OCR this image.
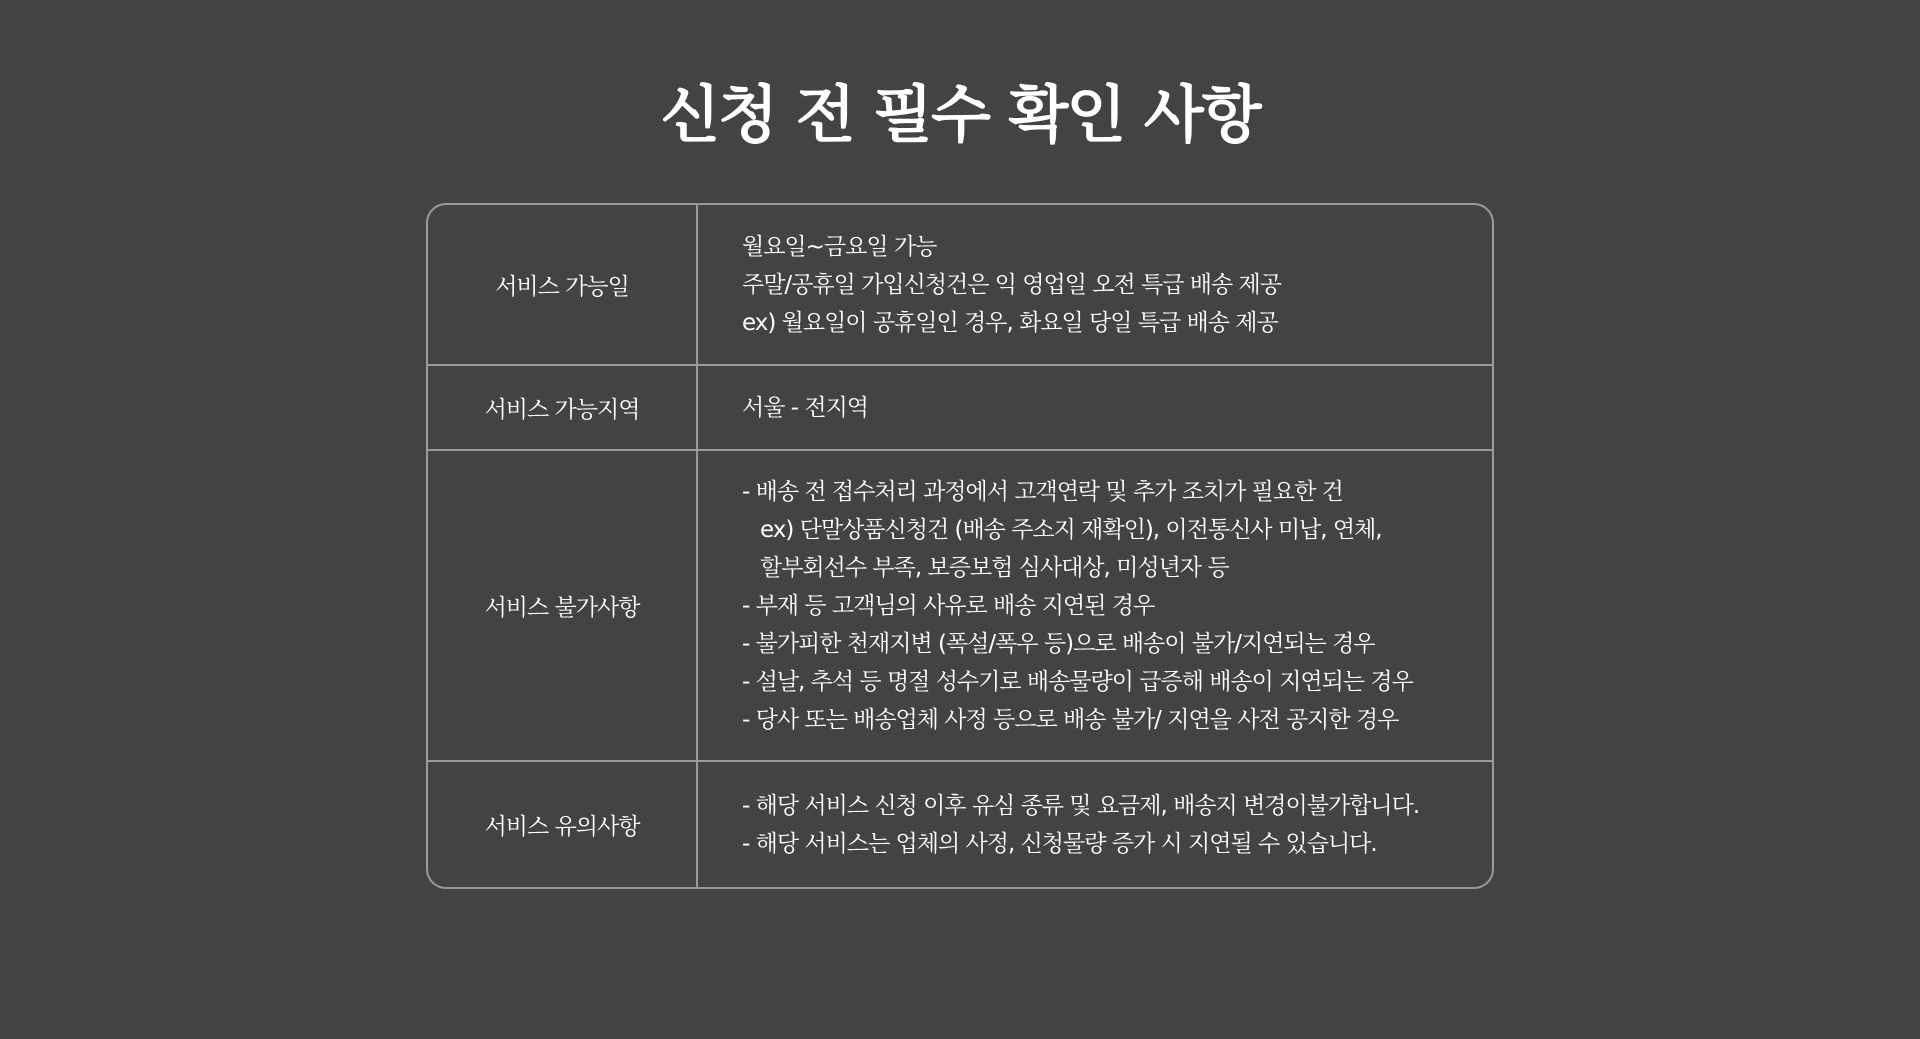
신청 전 필수 확인 사항
서비스 가능일
월요일~금요일 가능
주말/공휴일 가입신청건은 익 영업일 오전 특급 배송 제공
ex) 월요일이 공휴일인 경우, 화요일 당일 특급 배송 제공
서비스 가능지역	서울 - 전지역
서비스 불가사항
- 배송 전 접수처리 과정에서 고객연락 및 추가 조치가 필요한 건
ex) 단말상품신청건 (배송 주소지 재확인), 이전통신사 미납, 연체,
할부회선수 부족, 보증보험 심사대상, 미성년자 등
- 부재 등 고객님의 사유로 배송 지연된 경우
- 불가피한 천재지변 (폭설/폭우 등)으로 배송이 불가/지연되는 경우
- 설날, 추석 등 명절 성수기로 배송물량이 급증해 배송이 지연되는 경우
- 당사 또는 배송업체 사정 등으로 배송 불가/ 지연을 사전 공지한 경우
서비스 유의사항
- 해당 서비스 신청 이후 유심 종류 및 요금제, 배송지 변경이불가합니다.
- 해당 서비스는 업체의 사정, 신청물량 증가 시 지연될 수 있습니다.
